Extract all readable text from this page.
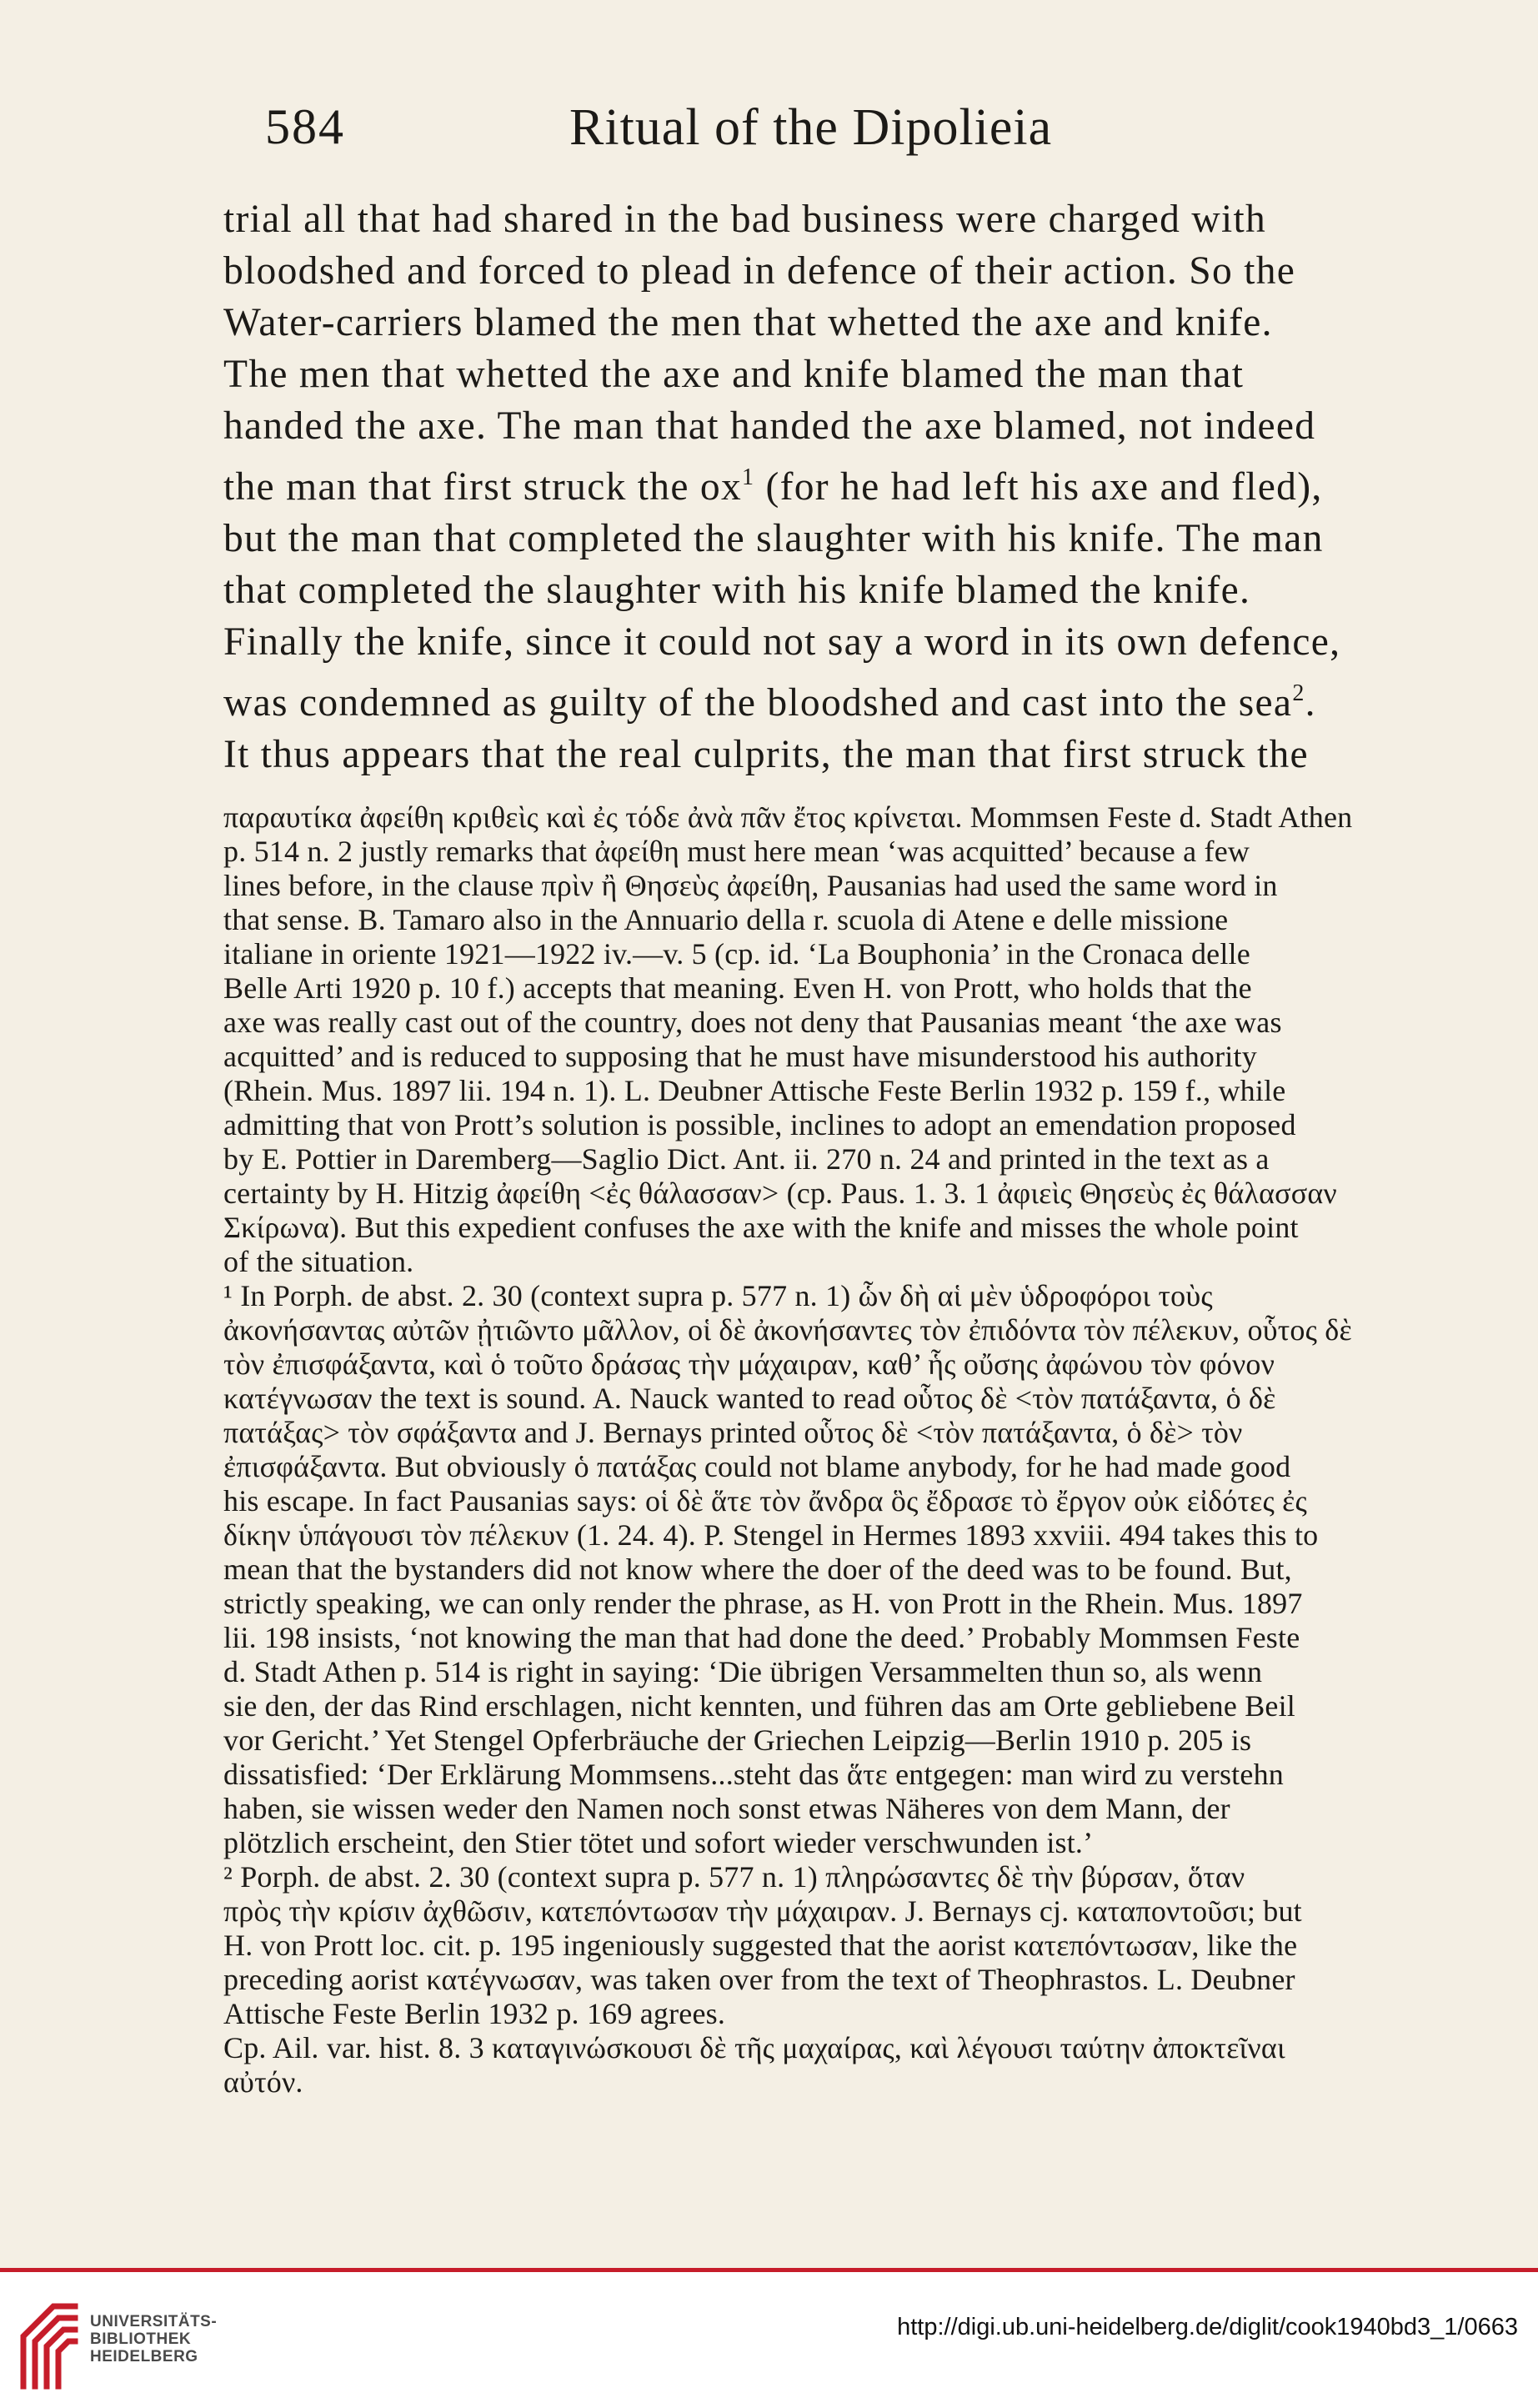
584	Ritual of the Dipolieia
trial all that had shared in the bad business were charged with
bloodshed and forced to plead in defence of their action. So the
Water-carriers blamed the men that whetted the axe and knife.
The men that whetted the axe and knife blamed the man that
handed the axe. The man that handed the axe blamed, not indeed
the man that first struck the $ox^1$ (for he had left his axe and fled),
but the man that completed the slaughter with his knife. The man
that completed the slaughter with his knife blamed the knife.
Finally the knife, since it could not say a word in its own defence,
was condemned as guilty of the bloodshed and cast into the sea$^2$.
It thus appears that the real culprits, the man that first struck the
παραυτίκα ἀφείθη κριθεὶς καὶ ἐς τόδε ἀνὰ πᾶν ἔτος κρίνεται. Mommsen Feste d. Stadt Athen
p. 514 n. 2 justly remarks that ἀφείθη must here mean ‘was acquitted’ because a few
lines before, in the clause πρὶν ἢ Θησεὺς ἀφείθη, Pausanias had used the same word in
that sense. B. Tamaro also in the Annuario della r. scuola di Atene e delle missione
italiane in oriente 1921—1922 iv.—v. 5 (cp. id. ‘La Bouphonia’ in the Cronaca delle
Belle Arti 1920 p. 10 f.) accepts that meaning. Even H. von Prott, who holds that the
axe was really cast out of the country, does not deny that Pausanias meant ‘the axe was
acquitted’ and is reduced to supposing that he must have misunderstood his authority
(Rhein. Mus. 1897 lii. 194 n. 1). L. Deubner Attische Feste Berlin 1932 p. 159 f., while
admitting that von Prott’s solution is possible, inclines to adopt an emendation proposed
by E. Pottier in Daremberg—Saglio Dict. Ant. ii. 270 n. 24 and printed in the text as a
certainty by H. Hitzig ἀφείθη <ἐς θάλασσαν> (cp. Paus. 1. 3. 1 ἀφιεὶς Θησεὺς ἐς θάλασσαν
Σκίρωνα). But this expedient confuses the axe with the knife and misses the whole point
of the situation.
¹ In Porph. de abst. 2. 30 (context supra p. 577 n. 1) ὧν δὴ αἱ μὲν ὑδροφόροι τοὺς
ἀκονήσαντας αὐτῶν ᾐτιῶντο μᾶλλον, οἱ δὲ ἀκονήσαντες τὸν ἐπιδόντα τὸν πέλεκυν, οὗτος δὲ
τὸν ἐπισφάξαντα, καὶ ὁ τοῦτο δράσας τὴν μάχαιραν, καθ’ ἧς οὔσης ἀφώνου τὸν φόνον
κατέγνωσαν the text is sound. A. Nauck wanted to read οὗτος δὲ <τὸν πατάξαντα, ὁ δὲ
πατάξας> τὸν σφάξαντα and J. Bernays printed οὗτος δὲ <τὸν πατάξαντα, ὁ δὲ> τὸν
ἐπισφάξαντα. But obviously ὁ πατάξας could not blame anybody, for he had made good
his escape. In fact Pausanias says: οἱ δὲ ἅτε τὸν ἄνδρα ὃς ἔδρασε τὸ ἔργον οὐκ εἰδότες ἐς
δίκην ὑπάγουσι τὸν πέλεκυν (1. 24. 4). P. Stengel in Hermes 1893 xxviii. 494 takes this to
mean that the bystanders did not know where the doer of the deed was to be found. But,
strictly speaking, we can only render the phrase, as H. von Prott in the Rhein. Mus. 1897
lii. 198 insists, ‘not knowing the man that had done the deed.’ Probably Mommsen Feste
d. Stadt Athen p. 514 is right in saying: ‘Die übrigen Versammelten thun so, als wenn
sie den, der das Rind erschlagen, nicht kennten, und führen das am Orte gebliebene Beil
vor Gericht.’ Yet Stengel Opferbräuche der Griechen Leipzig—Berlin 1910 p. 205 is
dissatisfied: ‘Der Erklärung Mommsens...steht das ἅτε entgegen: man wird zu verstehn
haben, sie wissen weder den Namen noch sonst etwas Näheres von dem Mann, der
plötzlich erscheint, den Stier tötet und sofort wieder verschwunden ist.’
² Porph. de abst. 2. 30 (context supra p. 577 n. 1) πληρώσαντες δὲ τὴν βύρσαν, ὅταν
πρὸς τὴν κρίσιν ἀχθῶσιν, κατεπόντωσαν τὴν μάχαιραν. J. Bernays cj. καταποντοῦσι; but
H. von Prott loc. cit. p. 195 ingeniously suggested that the aorist κατεπόντωσαν, like the
preceding aorist κατέγνωσαν, was taken over from the text of Theophrastos. L. Deubner
Attische Feste Berlin 1932 p. 169 agrees.
Cp. Ail. var. hist. 8. 3 καταγινώσκουσι δὲ τῆς μαχαίρας, καὶ λέγουσι ταύτην ἀποκτεῖναι
αὐτόν.
UNIVERSITÄTS-
BIBLIOTHEK
HEIDELBERG
http://digi.ub.uni-heidelberg.de/diglit/cook1940bd3_1/0663
